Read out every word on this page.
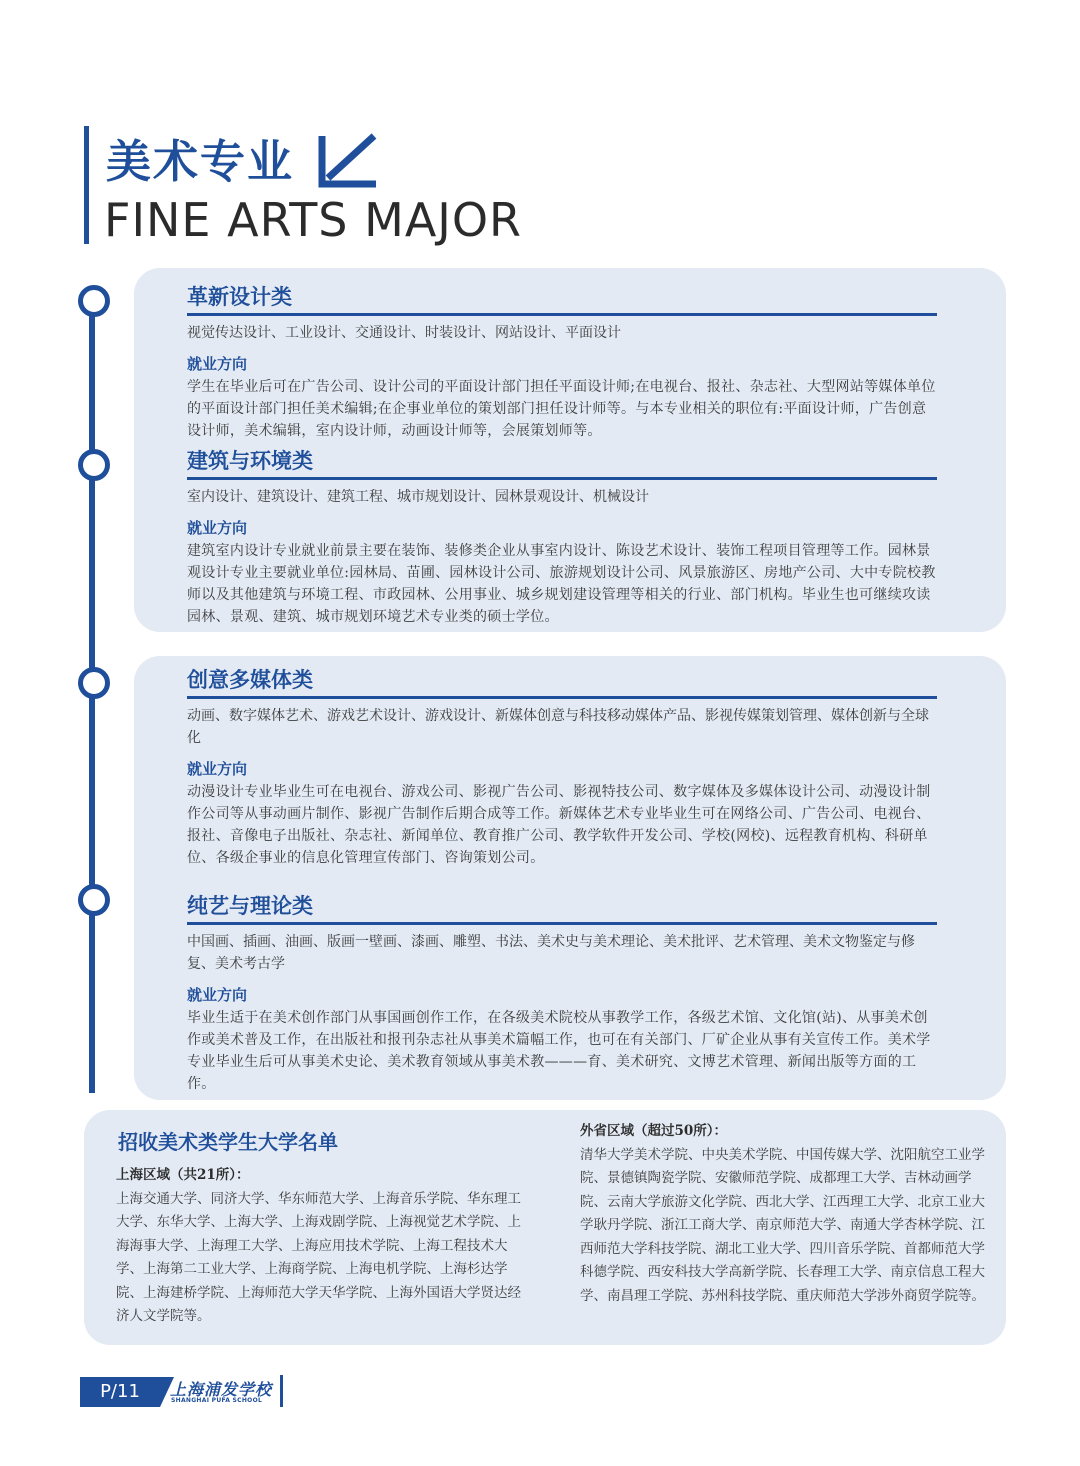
美术专业
FINE ARTS MAJOR
革新设计类
视觉传达设计、工业设计、交通设计、时装设计、网站设计、平面设计
就业方向
学生在毕业后可在广告公司、设计公司的平面设计部门担任平面设计师;在电视台、报社、杂志社、大型网站等媒体单位的平面设计部门担任美术编辑;在企事业单位的策划部门担任设计师等。与本专业相关的职位有:平面设计师，广告创意设计师，美术编辑，室内设计师，动画设计师等，会展策划师等。
建筑与环境类
室内设计、建筑设计、建筑工程、城市规划设计、园林景观设计、机械设计
就业方向
建筑室内设计专业就业前景主要在装饰、装修类企业从事室内设计、陈设艺术设计、装饰工程项目管理等工作。园林景观设计专业主要就业单位:园林局、苗圃、园林设计公司、旅游规划设计公司、风景旅游区、房地产公司、大中专院校教师以及其他建筑与环境工程、市政园林、公用事业、城乡规划建设管理等相关的行业、部门机构。毕业生也可继续攻读园林、景观、建筑、城市规划环境艺术专业类的硕士学位。
创意多媒体类
动画、数字媒体艺术、游戏艺术设计、游戏设计、新媒体创意与科技移动媒体产品、影视传媒策划管理、媒体创新与全球化
就业方向
动漫设计专业毕业生可在电视台、游戏公司、影视广告公司、影视特技公司、数字媒体及多媒体设计公司、动漫设计制作公司等从事动画片制作、影视广告制作后期合成等工作。新媒体艺术专业毕业生可在网络公司、广告公司、电视台、报社、音像电子出版社、杂志社、新闻单位、教育推广公司、教学软件开发公司、学校(网校)、远程教育机构、科研单位、各级企事业的信息化管理宣传部门、咨询策划公司。
纯艺与理论类
中国画、插画、油画、版画一壁画、漆画、雕塑、书法、美术史与美术理论、美术批评、艺术管理、美术文物鉴定与修复、美术考古学
就业方向
毕业生适于在美术创作部门从事国画创作工作，在各级美术院校从事教学工作，各级艺术馆、文化馆(站)、从事美术创作或美术普及工作，在出版社和报刊杂志社从事美术篇幅工作，也可在有关部门、厂矿企业从事有关宣传工作。美术学专业毕业生后可从事美术史论、美术教育领域从事美术教———育、美术研究、文博艺术管理、新闻出版等方面的工作。
招收美术类学生大学名单
上海区域（共21所）：
上海交通大学、同济大学、华东师范大学、上海音乐学院、华东理工大学、东华大学、上海大学、上海戏剧学院、上海视觉艺术学院、上海海事大学、上海理工大学、上海应用技术学院、上海工程技术大学、上海第二工业大学、上海商学院、上海电机学院、上海杉达学院、上海建桥学院、上海师范大学天华学院、上海外国语大学贤达经济人文学院等。
外省区域（超过50所）：
清华大学美术学院、中央美术学院、中国传媒大学、沈阳航空工业学院、景德镇陶瓷学院、安徽师范学院、成都理工大学、吉林动画学院、云南大学旅游文化学院、西北大学、江西理工大学、北京工业大学耿丹学院、浙江工商大学、南京师范大学、南通大学杏林学院、江西师范大学科技学院、湖北工业大学、四川音乐学院、首都师范大学科德学院、西安科技大学高新学院、长春理工大学、南京信息工程大学、南昌理工学院、苏州科技学院、重庆师范大学涉外商贸学院等。
P/11	上海浦发学校
SHANGHAI PUFA SCHOOL
